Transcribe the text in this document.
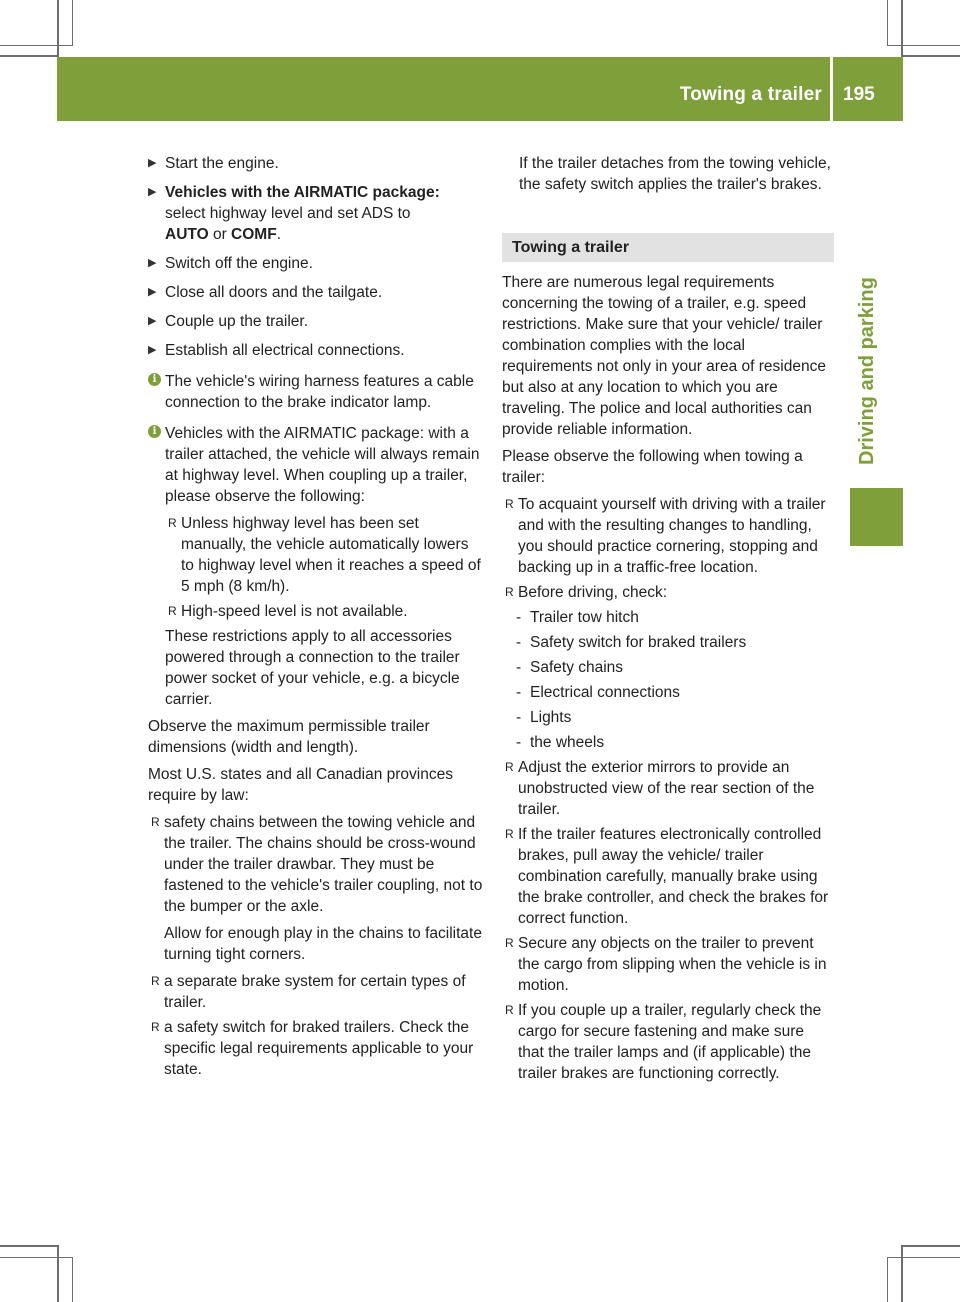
Towing a trailer 195
Driving and parking
▶ Start the engine.
▶ Vehicles with the AIRMATIC package:
select highway level and set ADS to
AUTO or COMF.
▶ Switch off the engine.
▶ Close all doors and the tailgate.
▶ Couple up the trailer.
▶ Establish all electrical connections.
i The vehicle's wiring harness features a cable connection to the brake indicator lamp.
i Vehicles with the AIRMATIC package: with a trailer attached, the vehicle will always remain at highway level. When coupling up a trailer, please observe the following:

R Unless highway level has been set manually, the vehicle automatically lowers to highway level when it reaches a speed of 5 mph (8 km/h).
R High-speed level is not available.

These restrictions apply to all accessories powered through a connection to the trailer power socket of your vehicle, e.g. a bicycle carrier.

Observe the maximum permissible trailer dimensions (width and length).

Most U.S. states and all Canadian provinces require by law:

R safety chains between the towing vehicle and the trailer. The chains should be cross-wound under the trailer drawbar. They must be fastened to the vehicle's trailer coupling, not to the bumper or the axle.

Allow for enough play in the chains to facilitate turning tight corners.

R a separate brake system for certain types of trailer.
R a safety switch for braked trailers. Check the specific legal requirements applicable to your state.

If the trailer detaches from the towing vehicle, the safety switch applies the trailer's brakes.

Towing a trailer

There are numerous legal requirements concerning the towing of a trailer, e.g. speed restrictions. Make sure that your vehicle/ trailer combination complies with the local requirements not only in your area of residence but also at any location to which you are traveling. The police and local authorities can provide reliable information.

Please observe the following when towing a trailer:

R To acquaint yourself with driving with a trailer and with the resulting changes to handling, you should practice cornering, stopping and backing up in a traffic-free location.
R Before driving, check:
- Trailer tow hitch
- Safety switch for braked trailers
- Safety chains
- Electrical connections
- Lights
- the wheels
R Adjust the exterior mirrors to provide an unobstructed view of the rear section of the trailer.
R If the trailer features electronically controlled brakes, pull away the vehicle/ trailer combination carefully, manually brake using the brake controller, and check the brakes for correct function.
R Secure any objects on the trailer to prevent the cargo from slipping when the vehicle is in motion.
R If you couple up a trailer, regularly check the cargo for secure fastening and make sure that the trailer lamps and (if applicable) the trailer brakes are functioning correctly.
